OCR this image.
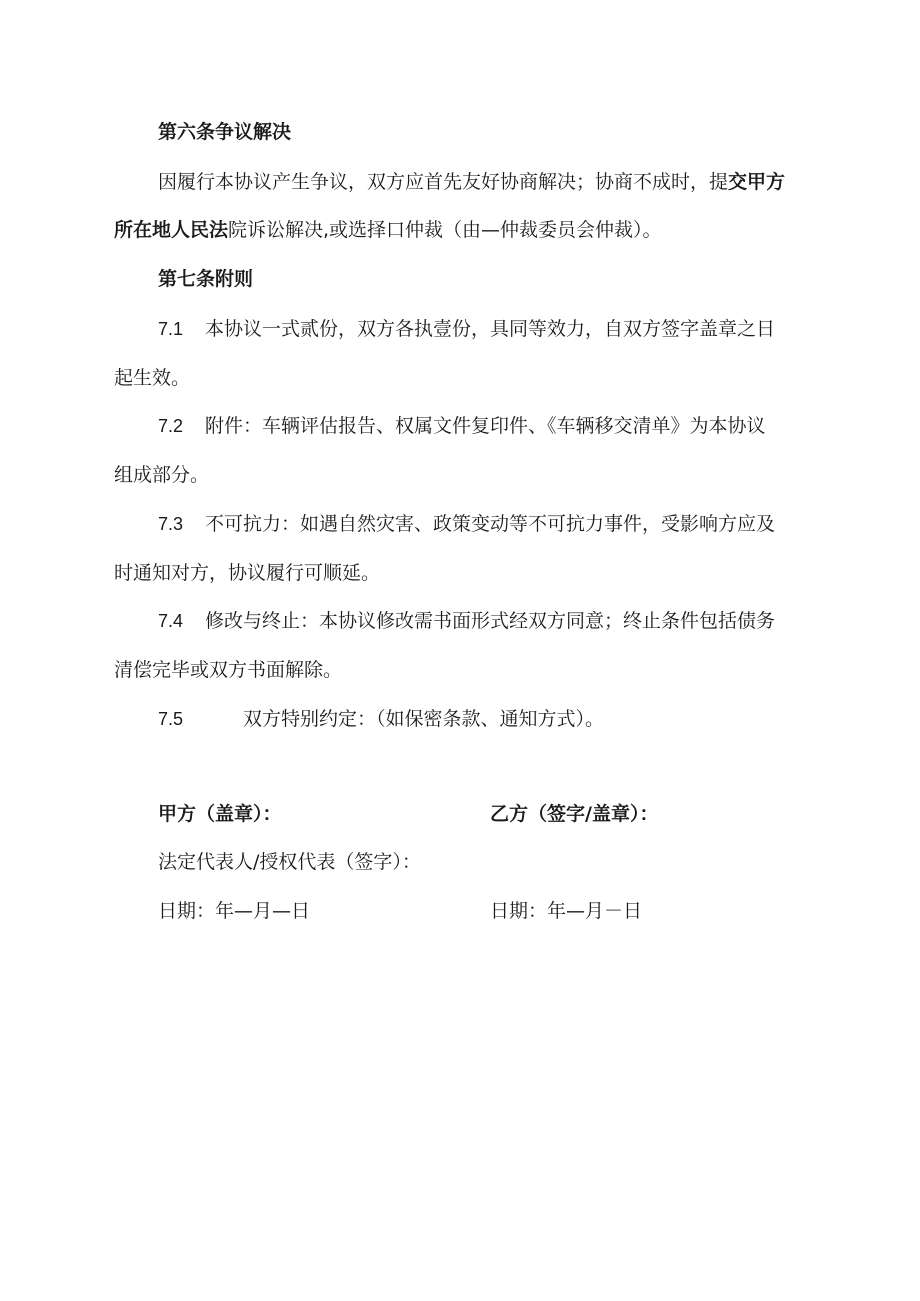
第六条争议解决
因履行本协议产生争议，双方应首先友好协商解决；协商不成时，提交甲方
所在地人民法院诉讼解决,或选择口仲裁（由—仲裁委员会仲裁）。
第七条附则
7.1 本协议一式贰份，双方各执壹份，具同等效力，自双方签字盖章之日
起生效。
7.2 附件：车辆评估报告、权属文件复印件、《车辆移交清单》为本协议
组成部分。
7.3 不可抗力：如遇自然灾害、政策变动等不可抗力事件，受影响方应及
时通知对方，协议履行可顺延。
7.4 修改与终止：本协议修改需书面形式经双方同意；终止条件包括债务
清偿完毕或双方书面解除。
7.5	双方特别约定：（如保密条款、通知方式）。
甲方（盖章）：	乙方（签字/盖章）：
法定代表人/授权代表（签字）：
日期：年—月—日	日期：年—月－日
